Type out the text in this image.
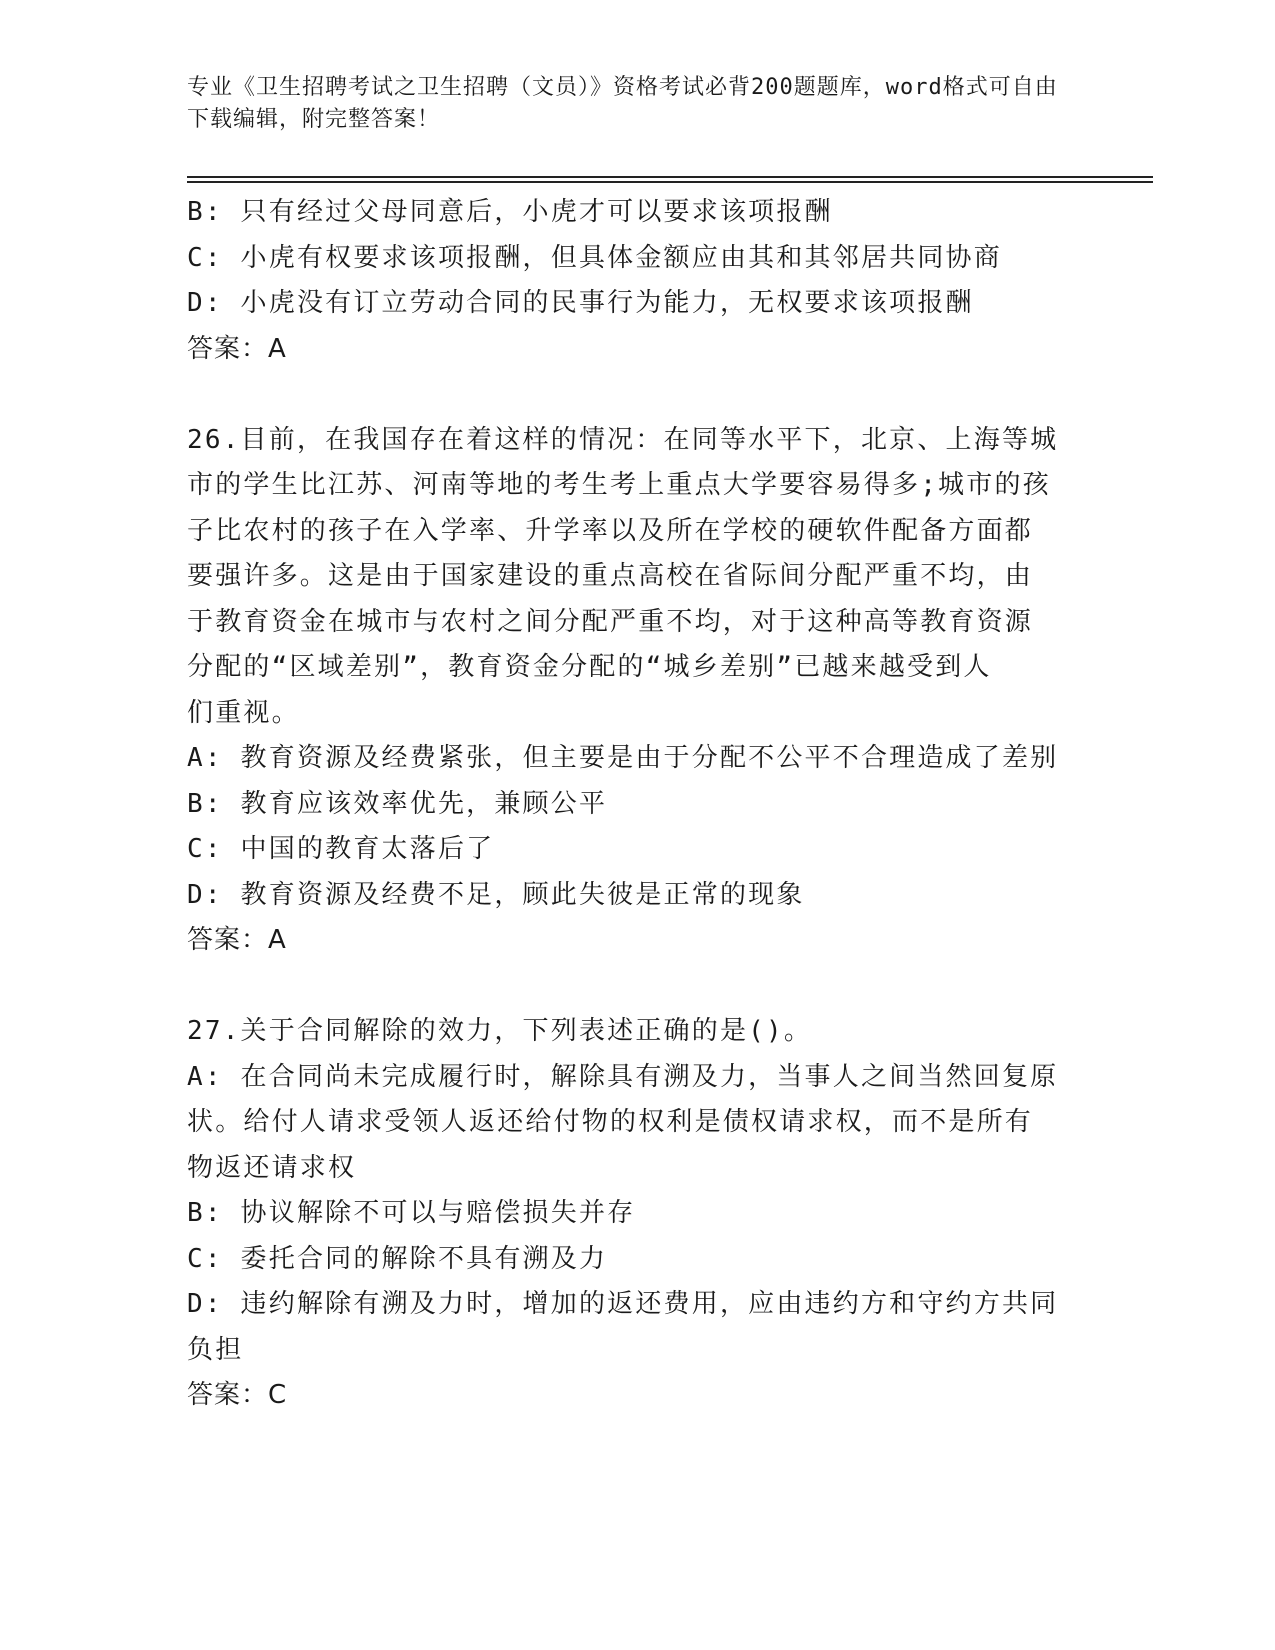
专业《卫生招聘考试之卫生招聘（文员）》资格考试必背200题题库，word格式可自由下载编辑，附完整答案！
B: 只有经过父母同意后，小虎才可以要求该项报酬
C: 小虎有权要求该项报酬，但具体金额应由其和其邻居共同协商
D: 小虎没有订立劳动合同的民事行为能力，无权要求该项报酬
答案：A
26.目前，在我国存在着这样的情况：在同等水平下，北京、上海等城
市的学生比江苏、河南等地的考生考上重点大学要容易得多;城市的孩
子比农村的孩子在入学率、升学率以及所在学校的硬软件配备方面都
要强许多。这是由于国家建设的重点高校在省际间分配严重不均，由
于教育资金在城市与农村之间分配严重不均，对于这种高等教育资源
分配的“区域差别”，教育资金分配的“城乡差别”已越来越受到人
们重视。
A: 教育资源及经费紧张，但主要是由于分配不公平不合理造成了差别
B: 教育应该效率优先，兼顾公平
C: 中国的教育太落后了
D: 教育资源及经费不足，顾此失彼是正常的现象
答案：A
27.关于合同解除的效力，下列表述正确的是()。
A: 在合同尚未完成履行时，解除具有溯及力，当事人之间当然回复原
状。给付人请求受领人返还给付物的权利是债权请求权，而不是所有
物返还请求权
B: 协议解除不可以与赔偿损失并存
C: 委托合同的解除不具有溯及力
D: 违约解除有溯及力时，增加的返还费用，应由违约方和守约方共同
负担
答案：C
